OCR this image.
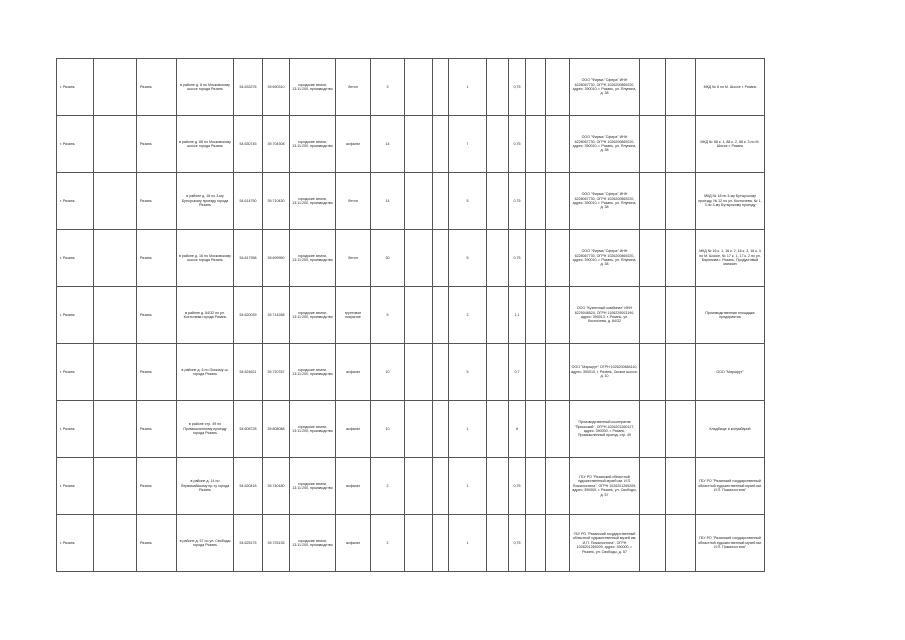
г. Рязань		Рязань	в районе д. 8 по Московскому шоссе города Рязань	54.633276	39.690310	городские земли, 13:11:200, производство	бетон	3			1		0,75			ООО "Фирма "Сфера" ИНН 6228067730, ОГРН 1026200869220, адрес: 390010, г. Рязань, ул. Ялунина, д. 38			МКД № 8 по М. Шоссе г. Рязань
г. Рязань		Рязань	в районе д. 88 по Московскому шоссе города Рязань	54.630745	39.704308	городские земли, 13:11:200, производство	асфальт	14			7		0,75			ООО "Фирма "Сфера" ИНН 6228067730, ОГРН 1026200869220, адрес: 390010, г. Рязань, ул. Ялунина, д. 38			МКД № 88 к. 1, 88 к. 2, 88 к. 3 по М. Шоссе г. Рязань
г. Рязань		Рязань	в районе д. 18 по 3-му Бутырскому проезду города Рязань	54.614750	39.710430	городские земли, 13:11:200, производство	бетон	14			5		0,75			ООО "Фирма "Сфера" ИНН 6228067730, ОГРН 1026200869220, адрес: 390010, г. Рязань, ул. Ялунина, д. 38			МКД № 18 по 3-му Бутырскому проезду, № 12 по ул. Костычева, № 1, 3 по 3-му Бутырскому проезду
г. Рязань		Рязань	в районе д. 16 по Московскому шоссе города Рязань	54.617958	39.699950	городские земли, 13:11:200, производство	бетон	30			5		0,75			ООО "Фирма "Сфера" ИНН 6228067730, ОГРН 1026200869220, адрес: 390010, г. Рязань, ул. Ялунина, д. 38			МКД № 16 к. 1, 16 к. 2, 16 к. 3, 16 к. 4 по М. Шоссе, № 17 к. 1, 17 к. 2 по ул. Бирюзова г. Рязань, Продуктовый магазин
г. Рязань		Рязань	в районе д. 84/32 по ул. Костычева города Рязань	54.620039	39.714268	городские земли, 13:11:200, производство	грунтовое покрытие	5			2		1,1			ООО "Кузнечный комбинат" ИНН 6229048524, ОГРН 1106229003190, адрес: 390013, г. Рязань, ул. Костычева, д. 84/32			Производственная площадка предприятия
г. Рязань		Рязань	в районе д. 6 по Окскому ш. города Рязань	54.624621	39.720787	городские земли, 13:11:200, производство	асфальт	10			5		0,7			ООО "Маршрут" ОГРН 1026200684110, адрес: 390010, г. Рязань, Окское шоссе, д. 10			ООО "Маршрут"
г. Рязань		Рязань	в районе стр. 49 по Промышленному проезду города Рязань	54.608728	39.808088	городские земли, 13:11:200, производство	асфальт	10			1		8			Производственный кооператив "Приокский", ОГРН 1026201260127, адрес: 390000, г. Рязань, Промышленный проезд, стр. 49			Кладбище и колумбарий
г. Рязань		Рязань	в районе д. 14 по Первомайскому пр-ту города Рязань	54.620418	39.740180	городские земли, 13:11:200, производство	асфальт	2			1		0,75			ГБУ РО "Рязанский областной художественный музей им. И.П. Пожалостина", ОГРН 1026201265209, адрес: 390000, г. Рязань, ул. Свободы, д. 57			ГБУ РО "Рязанский государственный областной художественный музей им. И.П. Пожалостина"
г. Рязань		Рязань	в районе д. 57 по ул. Свободы города Рязань	54.625175	39.725135	городские земли, 13:11:200, производство	асфальт	2			1		0,75			ГБУ РО "Рязанский государственный областной художественный музей им. И.П. Пожалостина", ОГРН 1026201265209, адрес: 390000, г. Рязань, ул. Свободы, д. 57			ГБУ РО "Рязанский государственный областной художественный музей им. И.П. Пожалостина"
